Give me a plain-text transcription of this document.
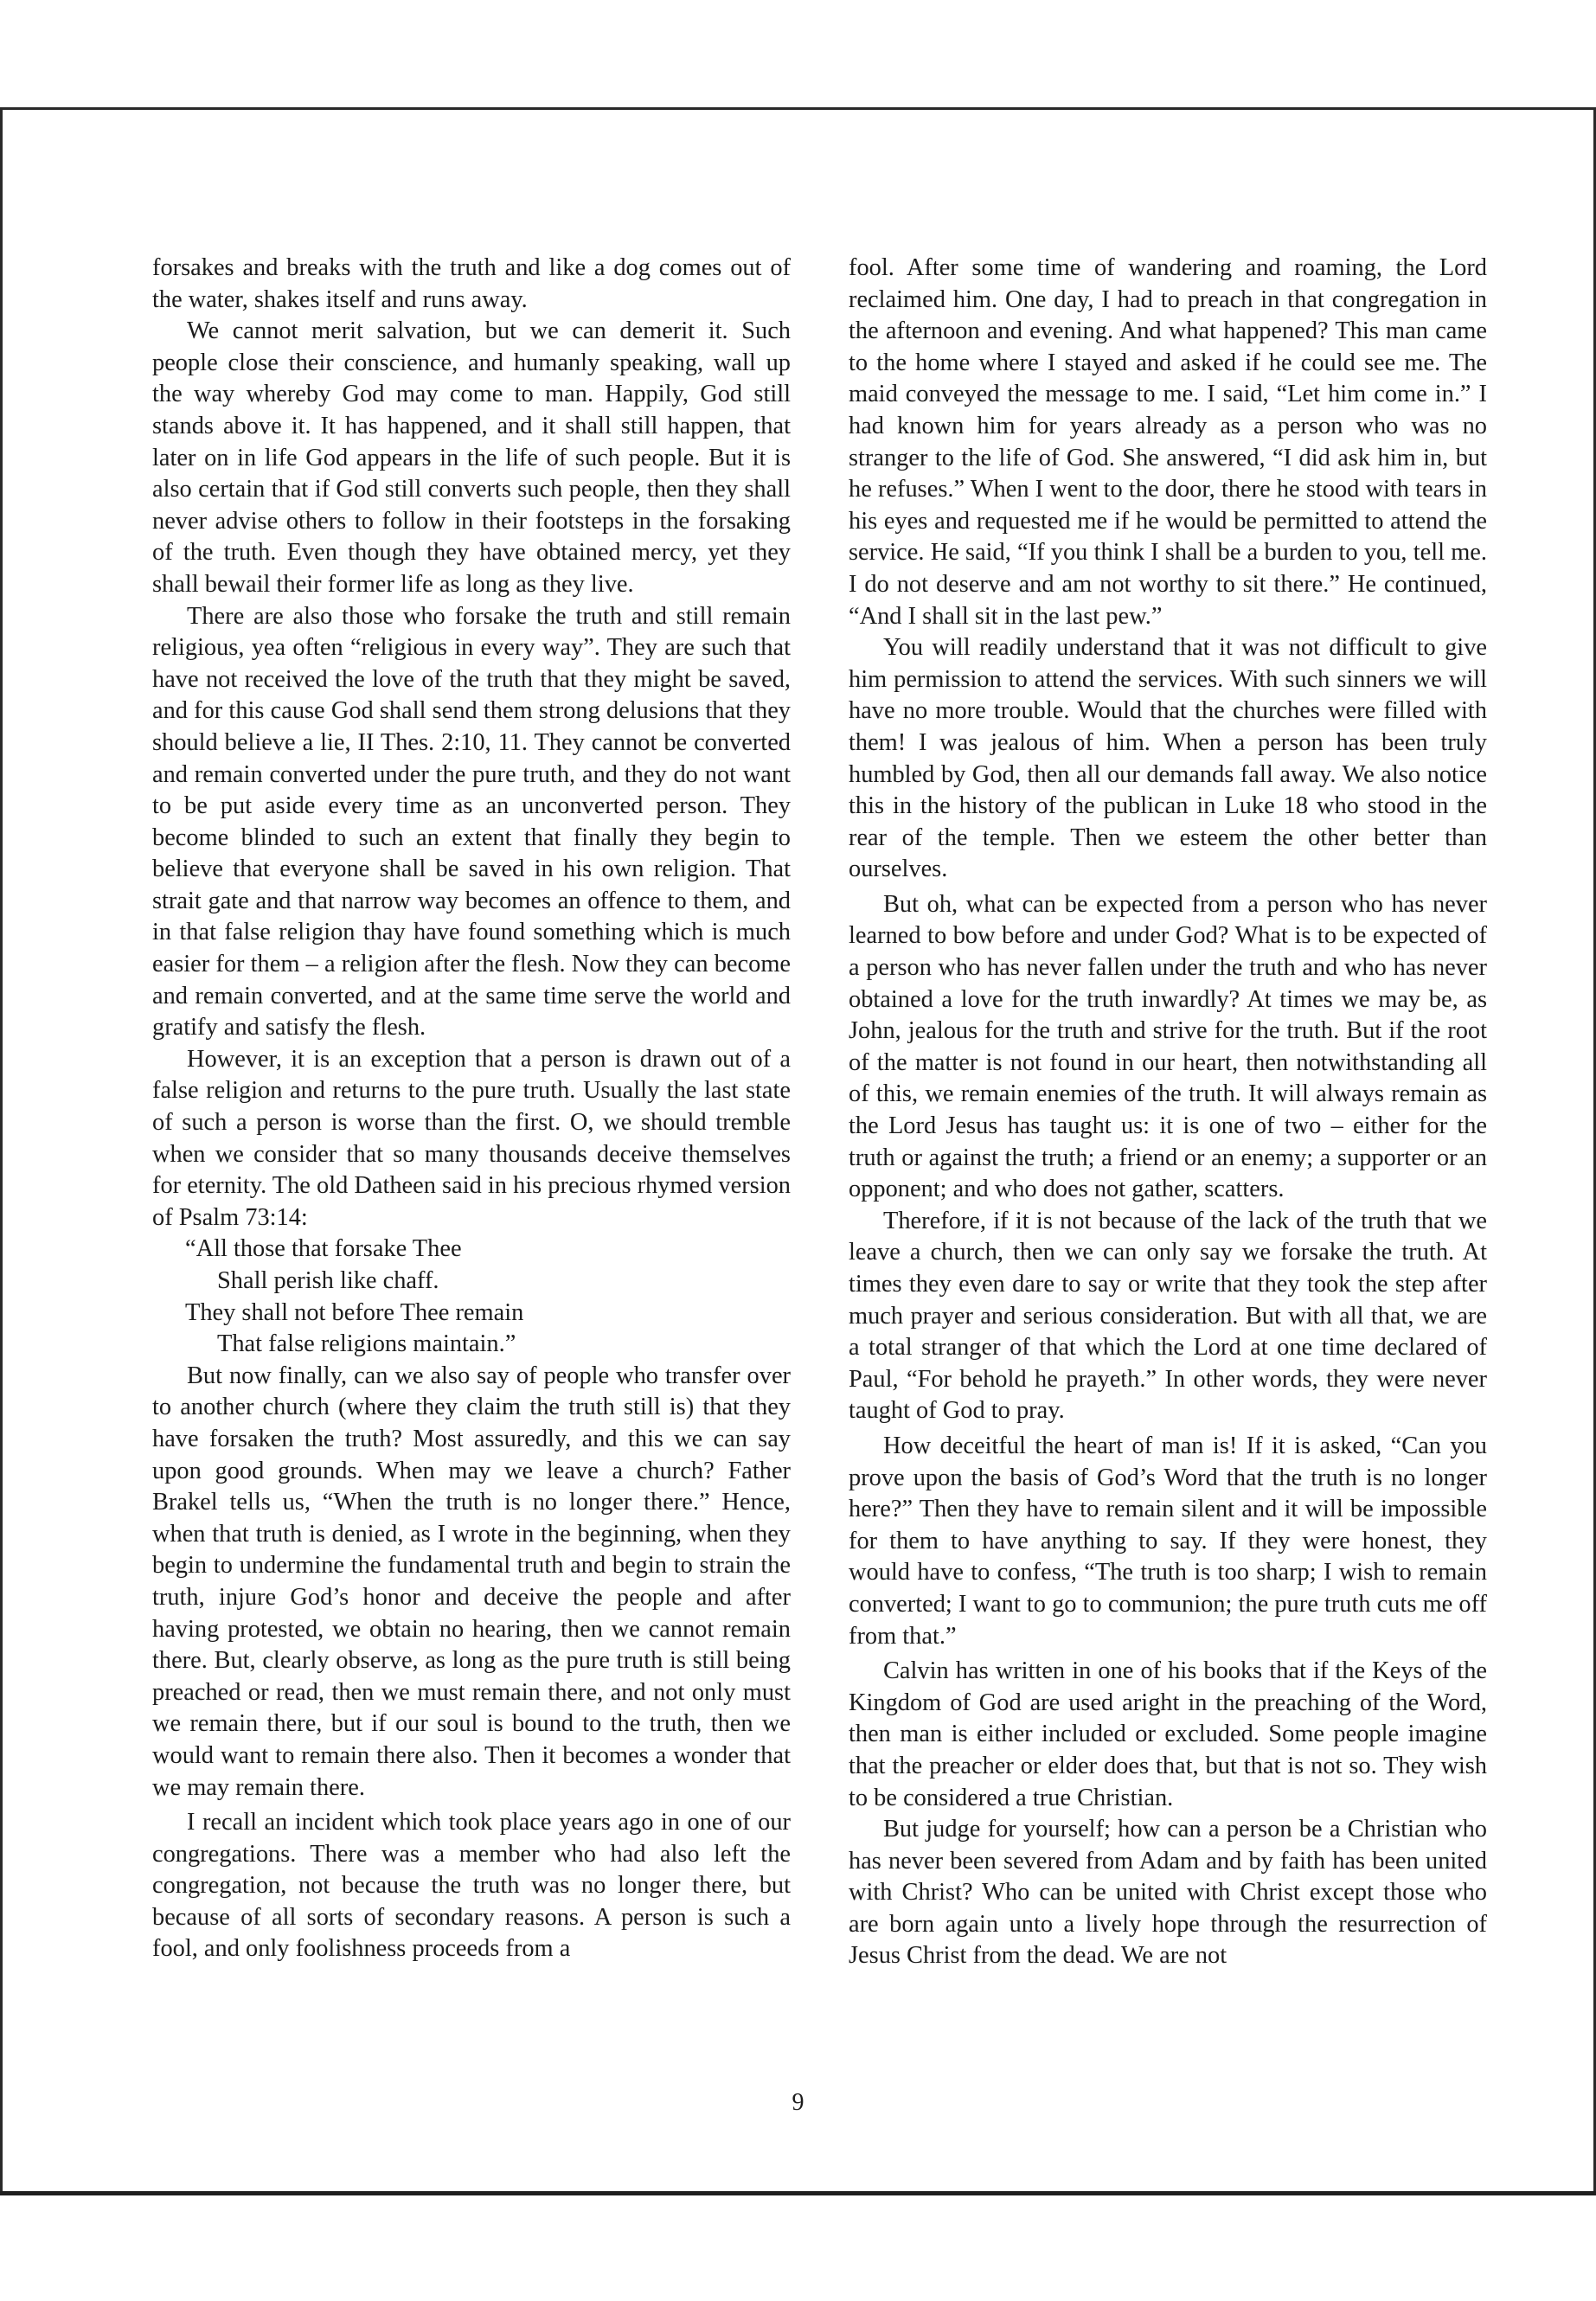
forsakes and breaks with the truth and like a dog comes out of the water, shakes itself and runs away.

We cannot merit salvation, but we can demerit it. Such people close their conscience, and humanly speaking, wall up the way whereby God may come to man. Happily, God still stands above it. It has happened, and it shall still happen, that later on in life God appears in the life of such people. But it is also certain that if God still converts such people, then they shall never advise others to follow in their footsteps in the forsaking of the truth. Even though they have obtained mercy, yet they shall bewail their former life as long as they live.

There are also those who forsake the truth and still remain religious, yea often “religious in every way”. They are such that have not received the love of the truth that they might be saved, and for this cause God shall send them strong delusions that they should believe a lie, II Thes. 2:10, 11. They cannot be converted and remain converted under the pure truth, and they do not want to be put aside every time as an unconverted person. They become blinded to such an extent that finally they begin to believe that everyone shall be saved in his own religion. That strait gate and that narrow way becomes an offence to them, and in that false religion thay have found something which is much easier for them – a religion after the flesh. Now they can become and remain converted, and at the same time serve the world and gratify and satisfy the flesh.

However, it is an exception that a person is drawn out of a false religion and returns to the pure truth. Usually the last state of such a person is worse than the first. O, we should tremble when we consider that so many thousands deceive themselves for eternity. The old Datheen said in his precious rhymed version of Psalm 73:14:

“All those that forsake Thee

Shall perish like chaff.

They shall not before Thee remain

That false religions maintain.”

But now finally, can we also say of people who transfer over to another church (where they claim the truth still is) that they have forsaken the truth? Most assuredly, and this we can say upon good grounds. When may we leave a church? Father Brakel tells us, “When the truth is no longer there.” Hence, when that truth is denied, as I wrote in the beginning, when they begin to undermine the fundamental truth and begin to strain the truth, injure God’s honor and deceive the people and after having protested, we obtain no hearing, then we cannot remain there. But, clearly observe, as long as the pure truth is still being preached or read, then we must remain there, and not only must we remain there, but if our soul is bound to the truth, then we would want to remain there also. Then it becomes a wonder that we may remain there.

I recall an incident which took place years ago in one of our congregations. There was a member who had also left the congregation, not because the truth was no longer there, but because of all sorts of secondary reasons. A person is such a fool, and only foolishness proceeds from a

fool. After some time of wandering and roaming, the Lord reclaimed him. One day, I had to preach in that congregation in the afternoon and evening. And what happened? This man came to the home where I stayed and asked if he could see me. The maid conveyed the message to me. I said, “Let him come in.” I had known him for years already as a person who was no stranger to the life of God. She answered, “I did ask him in, but he refuses.” When I went to the door, there he stood with tears in his eyes and requested me if he would be permitted to attend the service. He said, “If you think I shall be a burden to you, tell me. I do not deserve and am not worthy to sit there.” He continued, “And I shall sit in the last pew.”

You will readily understand that it was not difficult to give him permission to attend the services. With such sinners we will have no more trouble. Would that the churches were filled with them! I was jealous of him. When a person has been truly humbled by God, then all our demands fall away. We also notice this in the history of the publican in Luke 18 who stood in the rear of the temple. Then we esteem the other better than ourselves.

But oh, what can be expected from a person who has never learned to bow before and under God? What is to be expected of a person who has never fallen under the truth and who has never obtained a love for the truth inwardly? At times we may be, as John, jealous for the truth and strive for the truth. But if the root of the matter is not found in our heart, then notwithstanding all of this, we remain enemies of the truth. It will always remain as the Lord Jesus has taught us: it is one of two – either for the truth or against the truth; a friend or an enemy; a supporter or an opponent; and who does not gather, scatters.

Therefore, if it is not because of the lack of the truth that we leave a church, then we can only say we forsake the truth. At times they even dare to say or write that they took the step after much prayer and serious consideration. But with all that, we are a total stranger of that which the Lord at one time declared of Paul, “For behold he prayeth.” In other words, they were never taught of God to pray.

How deceitful the heart of man is! If it is asked, “Can you prove upon the basis of God’s Word that the truth is no longer here?” Then they have to remain silent and it will be impossible for them to have anything to say. If they were honest, they would have to confess, “The truth is too sharp; I wish to remain converted; I want to go to communion; the pure truth cuts me off from that.”

Calvin has written in one of his books that if the Keys of the Kingdom of God are used aright in the preaching of the Word, then man is either included or excluded. Some people imagine that the preacher or elder does that, but that is not so. They wish to be considered a true Christian.

But judge for yourself; how can a person be a Christian who has never been severed from Adam and by faith has been united with Christ? Who can be united with Christ except those who are born again unto a lively hope through the resurrection of Jesus Christ from the dead. We are not

9
